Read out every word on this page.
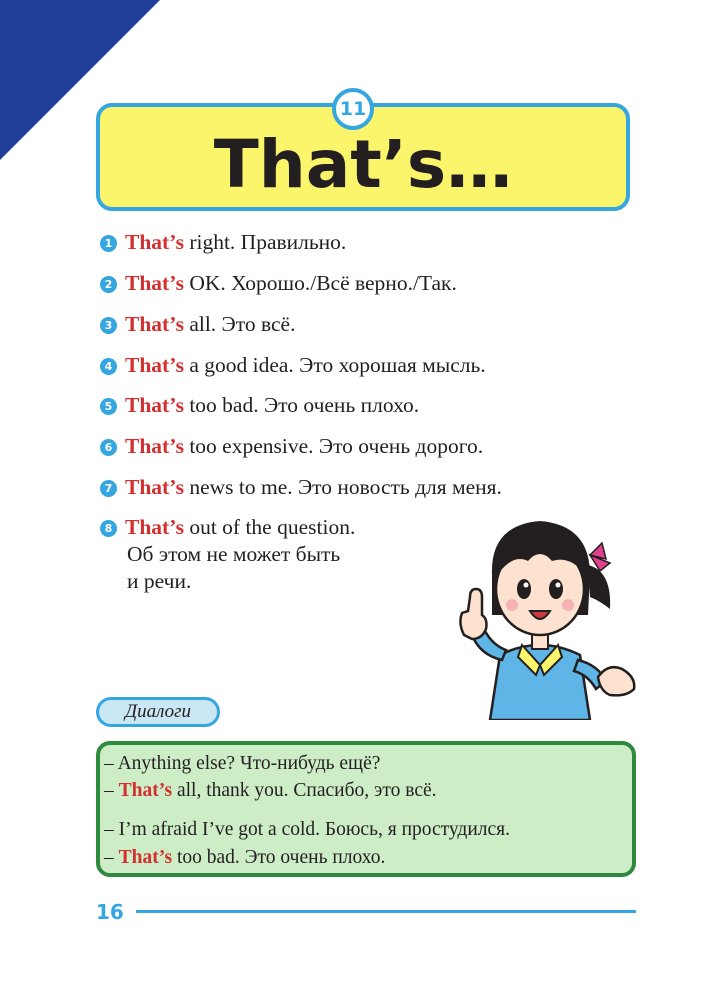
11
That’s…
1 That’s right. Правильно.
2 That’s OK. Хорошо./Всё верно./Так.
3 That’s all. Это всё.
4 That’s a good idea. Это хорошая мысль.
5 That’s too bad. Это очень плохо.
6 That’s too expensive. Это очень дорого.
7 That’s news to me. Это новость для меня.
8 That’s out of the question.
Об этом не может быть
и речи.
Диалоги
– Anything else? Что-нибудь ещё?
– That’s all, thank you. Спасибо, это всё.
– I’m afraid I’ve got a cold. Боюсь, я простудился.
– That’s too bad. Это очень плохо.
16
